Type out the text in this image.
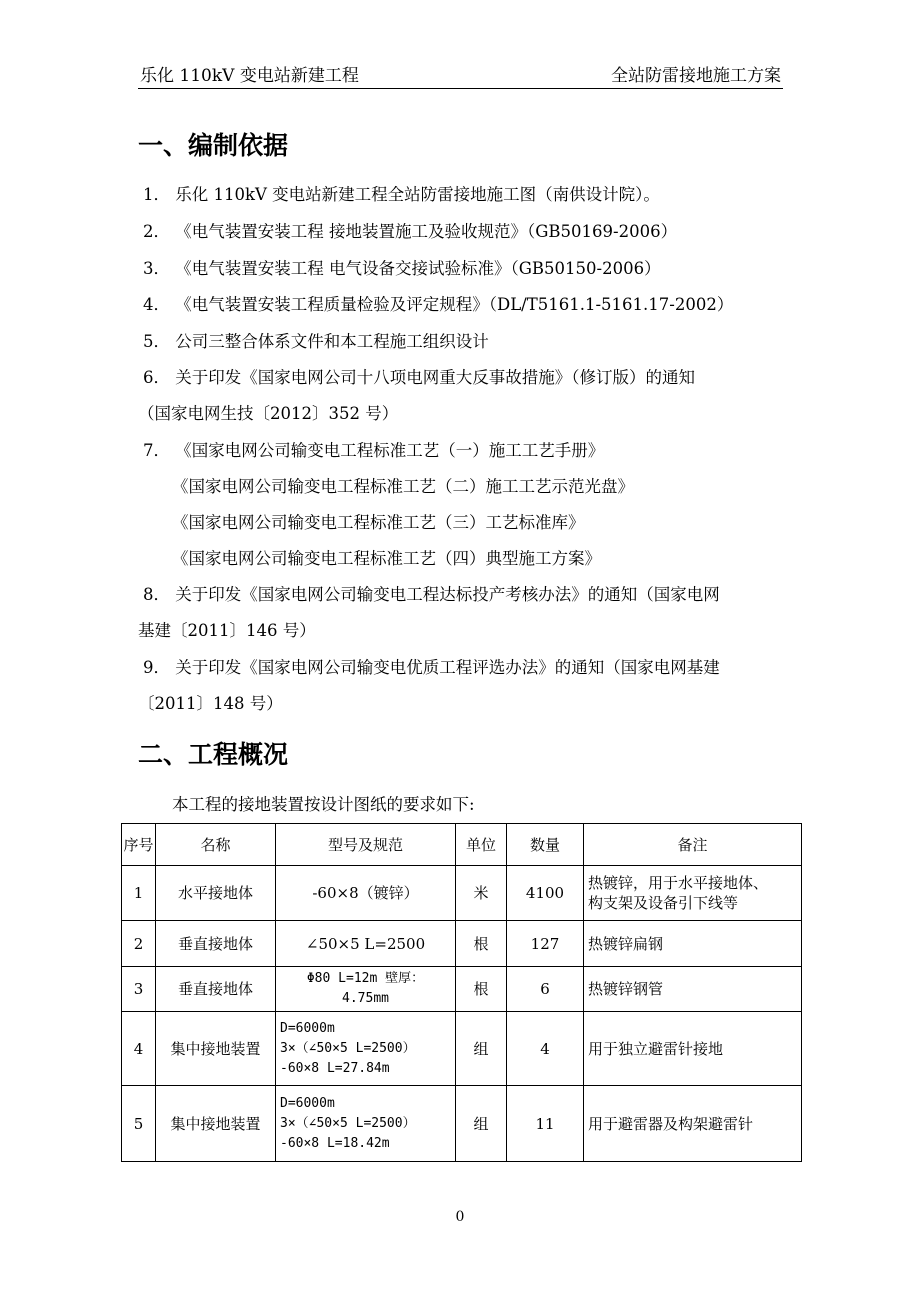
乐化 110kV 变电站新建工程	全站防雷接地施工方案
一、编制依据
1． 乐化 110kV 变电站新建工程全站防雷接地施工图（南供设计院）。
2． 《电气装置安装工程 接地装置施工及验收规范》（GB50169-2006）
3． 《电气装置安装工程 电气设备交接试验标准》（GB50150-2006）
4． 《电气装置安装工程质量检验及评定规程》（DL/T5161.1-5161.17-2002）
5． 公司三整合体系文件和本工程施工组织设计
6． 关于印发《国家电网公司十八项电网重大反事故措施》（修订版）的通知
（国家电网生技〔2012〕352 号）
7． 《国家电网公司输变电工程标准工艺（一）施工工艺手册》
《国家电网公司输变电工程标准工艺（二）施工工艺示范光盘》
《国家电网公司输变电工程标准工艺（三）工艺标准库》
《国家电网公司输变电工程标准工艺（四）典型施工方案》
8． 关于印发《国家电网公司输变电工程达标投产考核办法》的通知（国家电网
基建〔2011〕146 号）
9． 关于印发《国家电网公司输变电优质工程评选办法》的通知（国家电网基建
〔2011〕148 号）
二、工程概况
本工程的接地装置按设计图纸的要求如下:
序号	名称	型号及规范	单位	数量	备注
1	水平接地体	-60×8（镀锌）	米	4100	热镀锌，用于水平接地体、
构支架及设备引下线等

2	垂直接地体	∠50×5 L=2500	根	127	热镀锌扁钢

3	垂直接地体	Φ80 L=12m 壁厚：
4.75mm	根	6	热镀锌钢管

4	集中接地装置	D=6000m
3×（∠50×5 L=2500）
-60×8 L=27.84m	组	4	用于独立避雷针接地

5	集中接地装置	D=6000m
3×（∠50×5 L=2500）
-60×8 L=18.42m	组	11	用于避雷器及构架避雷针
0
